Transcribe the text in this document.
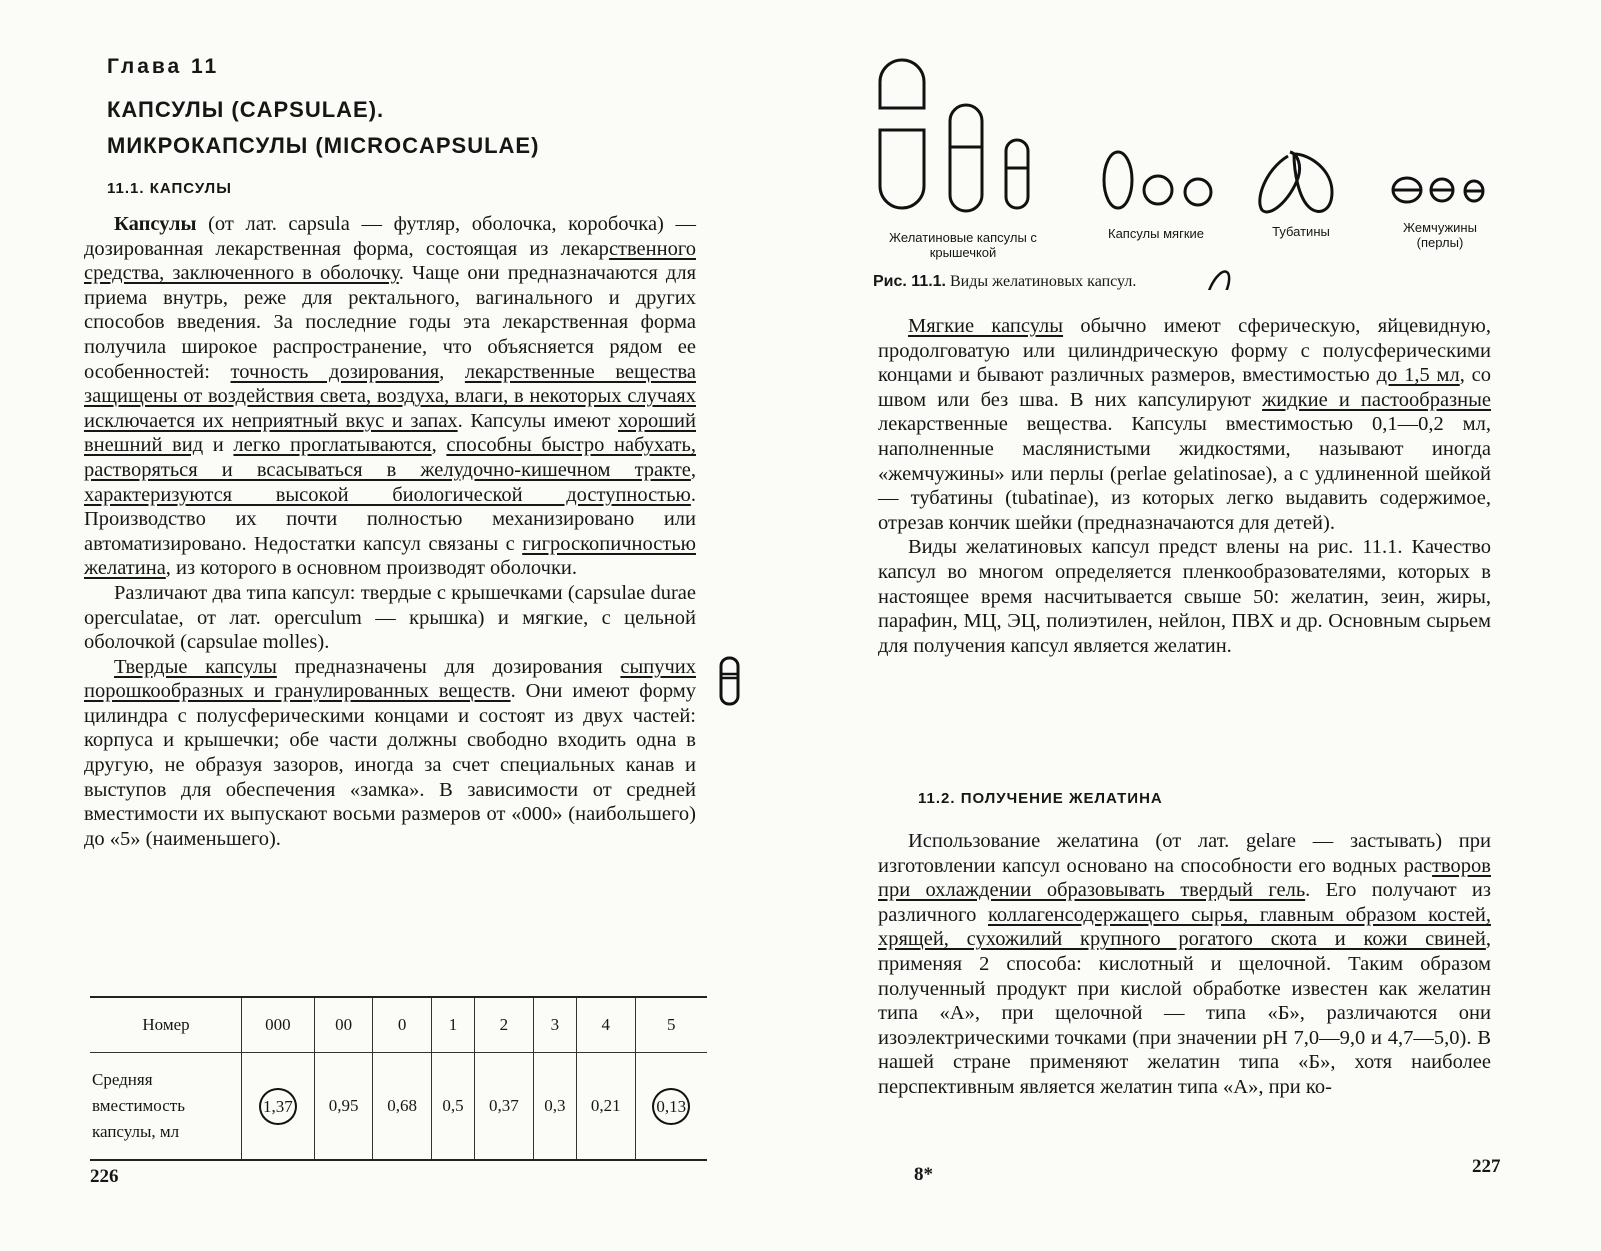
Глава 11
КАПСУЛЫ (CAPSULAE).
МИКРОКАПСУЛЫ (MICROCAPSULAE)
11.1. КАПСУЛЫ

Капсулы (от лат. capsula — футляр, оболочка, коробочка) — дозированная лекарственная форма, состоящая из лекарственного средства, заключенного в оболочку. Чаще они предназначаются для приема внутрь, реже для ректального, вагинального и других способов введения. За последние годы эта лекарственная форма получила широкое распространение, что объясняется рядом ее особенностей: точность дозирования, лекарственные вещества защищены от воздействия света, воздуха, влаги, в некоторых случаях исключается их неприятный вкус и запах. Капсулы имеют хороший внешний вид и легко проглатываются, способны быстро набухать, растворяться и всасываться в желудочно-кишечном тракте, характеризуются высокой биологической доступностью. Производство их почти полностью механизировано или автоматизировано. Недостатки капсул связаны с гигроскопичностью желатина, из которого в основном производят оболочки.

Различают два типа капсул: твердые с крышечками (capsulae durae operculatae, от лат. operculum — крышка) и мягкие, с цельной оболочкой (capsulae molles).

Твердые капсулы предназначены для дозирования сыпучих порошкообразных и гранулированных веществ. Они имеют форму цилиндра с полусферическими концами и состоят из двух частей: корпуса и крышечки; обе части должны свободно входить одна в другую, не образуя зазоров, иногда за счет специальных канав и выступов для обеспечения «замка». В зависимости от средней вместимости их выпускают восьми размеров от «000» (наибольшего) до «5» (наименьшего).

Номер	000	00	0	1	2	3	4	5
Средняя вместимость капсулы, мл	1,37	0,95	0,68	0,5	0,37	0,3	0,21	0,13
226
Желатиновые капсулы с крышечкой
Капсулы мягкие	Тубатины	Жемчужины (перлы)
Рис. 11.1. Виды желатиновых капсул.

Мягкие капсулы обычно имеют сферическую, яйцевидную, продолговатую или цилиндрическую форму с полусферическими концами и бывают различных размеров, вместимостью до 1,5 мл, со швом или без шва. В них капсулируют жидкие и пастообразные лекарственные вещества. Капсулы вместимостью 0,1—0,2 мл, наполненные маслянистыми жидкостями, называют иногда «жемчужины» или перлы (perlae gelatinosae), а с удлиненной шейкой — тубатины (tubatinae), из которых легко выдавить содержимое, отрезав кончик шейки (предназначаются для детей).

Виды желатиновых капсул предст влены на рис. 11.1. Качество капсул во многом определяется пленкообразователями, которых в настоящее время насчитывается свыше 50: желатин, зеин, жиры, парафин, МЦ, ЭЦ, полиэтилен, нейлон, ПВХ и др. Основным сырьем для получения капсул является желатин.

11.2. ПОЛУЧЕНИЕ ЖЕЛАТИНА

Использование желатина (от лат. gelare — застывать) при изготовлении капсул основано на способности его водных растворов при охлаждении образовывать твердый гель. Его получают из различного коллагенсодержащего сырья, главным образом костей, хрящей, сухожилий крупного рогатого скота и кожи свиней, применяя 2 способа: кислотный и щелочной. Таким образом полученный продукт при кислой обработке известен как желатин типа «А», при щелочной — типа «Б», различаются они изоэлектрическими точками (при значении pH 7,0—9,0 и 4,7—5,0). В нашей стране применяют желатин типа «Б», хотя наиболее перспективным является желатин типа «А», при ко-

8*	227
